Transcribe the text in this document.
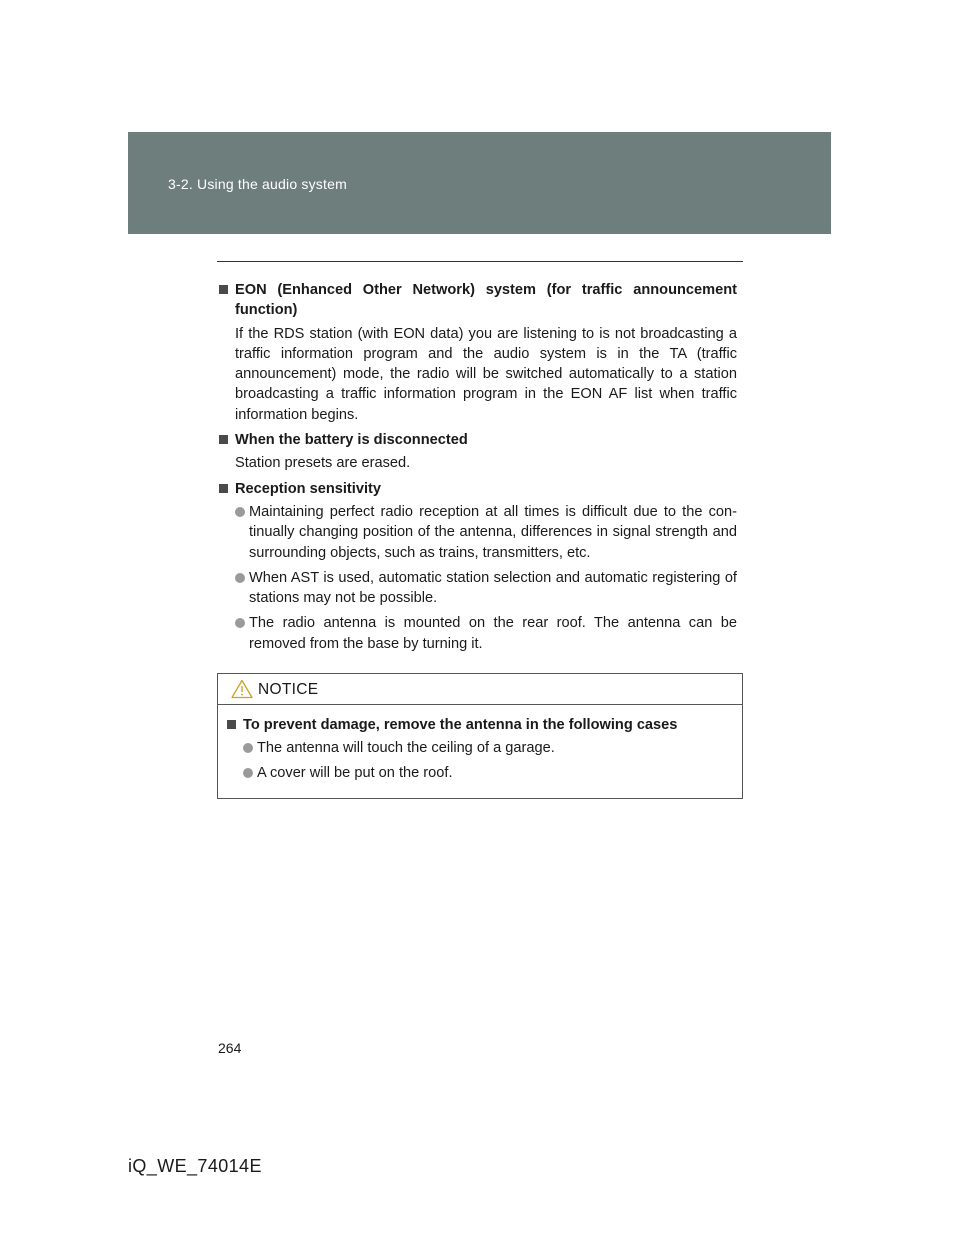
3-2. Using the audio system
EON (Enhanced Other Network) system (for traffic announcement function)
If the RDS station (with EON data) you are listening to is not broadcasting a traffic information program and the audio system is in the TA (traffic announcement) mode, the radio will be switched automatically to a station broadcasting a traffic information program in the EON AF list when traffic information begins.
When the battery is disconnected
Station presets are erased.
Reception sensitivity
Maintaining perfect radio reception at all times is difficult due to the con-tinually changing position of the antenna, differences in signal strength and surrounding objects, such as trains, transmitters, etc.
When AST is used, automatic station selection and automatic registering of stations may not be possible.
The radio antenna is mounted on the rear roof. The antenna can be removed from the base by turning it.
NOTICE
To prevent damage, remove the antenna in the following cases
The antenna will touch the ceiling of a garage.
A cover will be put on the roof.
264
iQ_WE_74014E
